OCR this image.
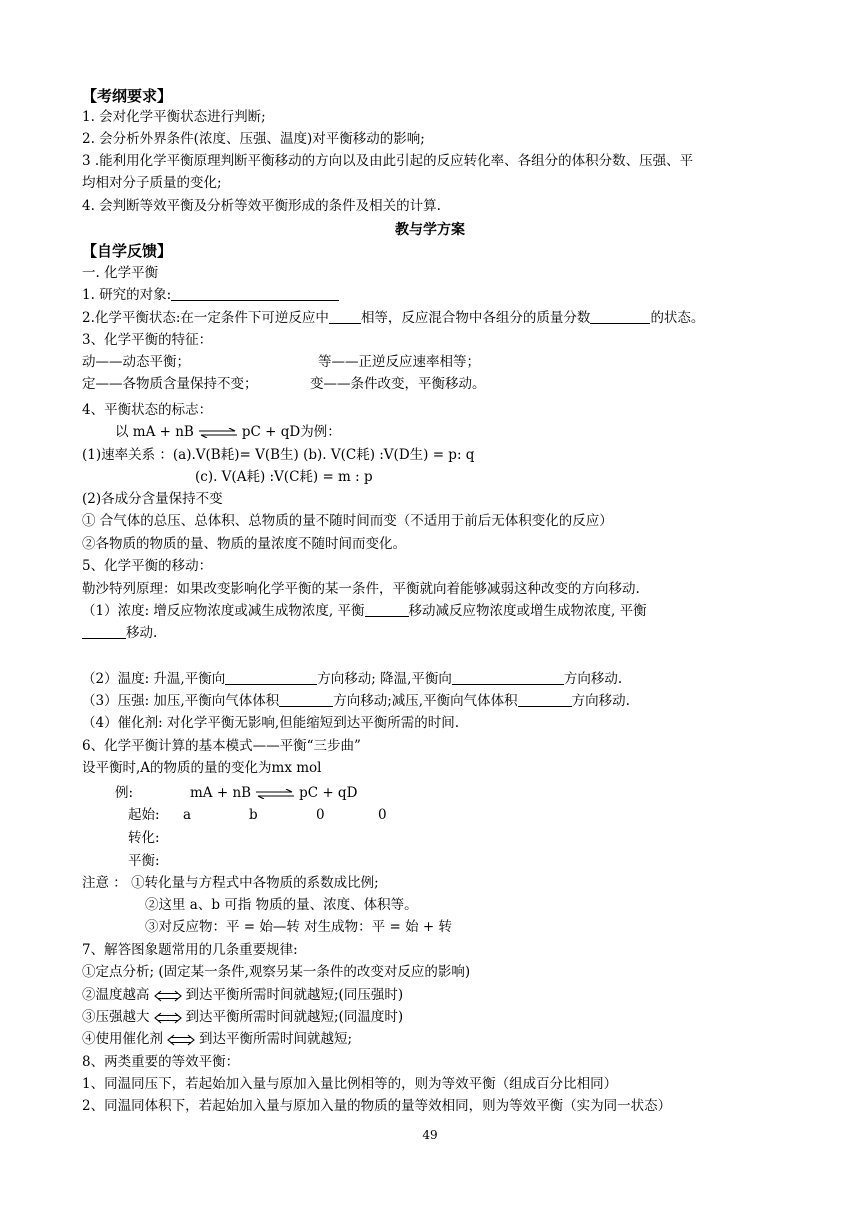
【考纲要求】
1. 会对化学平衡状态进行判断;
2. 会分析外界条件(浓度、压强、温度)对平衡移动的影响;
3 .能利用化学平衡原理判断平衡移动的方向以及由此引起的反应转化率、各组分的体积分数、压强、平
均相对分子质量的变化;
4. 会判断等效平衡及分析等效平衡形成的条件及相关的计算.
教与学方案
【自学反馈】
一. 化学平衡
1. 研究的对象:
2.化学平衡状态:在一定条件下可逆反应中 相等，反应混合物中各组分的质量分数	的状态。
3、化学平衡的特征：
动——动态平衡；	等——正逆反应速率相等；
定——各物质含量保持不变；	变——条件改变，平衡移动。
4、平衡状态的标志：
以 mA + nB ⇌ pC + qD为例：
(1)速率关系 ：(a).V(B耗)= V(B生) (b). V(C耗) :V(D生) = p: q
(c). V(A耗) :V(C耗) = m : p
(2)各成分含量保持不变
① 合气体的总压、总体积、总物质的量不随时间而变（不适用于前后无体积变化的反应）
②各物质的物质的量、物质的量浓度不随时间而变化。
5、化学平衡的移动：
勒沙特列原理：如果改变影响化学平衡的某一条件，平衡就向着能够减弱这种改变的方向移动.
（1）浓度: 增反应物浓度或减生成物浓度, 平衡	移动减反应物浓度或增生成物浓度, 平衡
移动.
（2）温度: 升温,平衡向	方向移动; 降温,平衡向	方向移动.
（3）压强: 加压,平衡向气体体积	方向移动;减压,平衡向气体体积	方向移动.
（4）催化剂: 对化学平衡无影响,但能缩短到达平衡所需的时间.
6、化学平衡计算的基本模式——平衡“三步曲”
设平衡时,A的物质的量的变化为mx mol
例:	mA + nB ⇌ pC + qD
起始: a	b	0	0
转化:
平衡:
注意 ： ①转化量与方程式中各物质的系数成比例;
②这里 a、b 可指 物质的量、浓度、体积等。
③对反应物：平 = 始—转 对生成物：平 = 始 + 转
7、解答图象题常用的几条重要规律:
①定点分析; (固定某一条件,观察另某一条件的改变对反应的影响)
②温度越高	到达平衡所需时间就越短;(同压强时)
③压强越大	到达平衡所需时间就越短;(同温度时)
④使用催化剂	到达平衡所需时间就越短;
8、两类重要的等效平衡：
1、同温同压下，若起始加入量与原加入量比例相等的，则为等效平衡（组成百分比相同）
2、同温同体积下，若起始加入量与原加入量的物质的量等效相同，则为等效平衡（实为同一状态）
49
